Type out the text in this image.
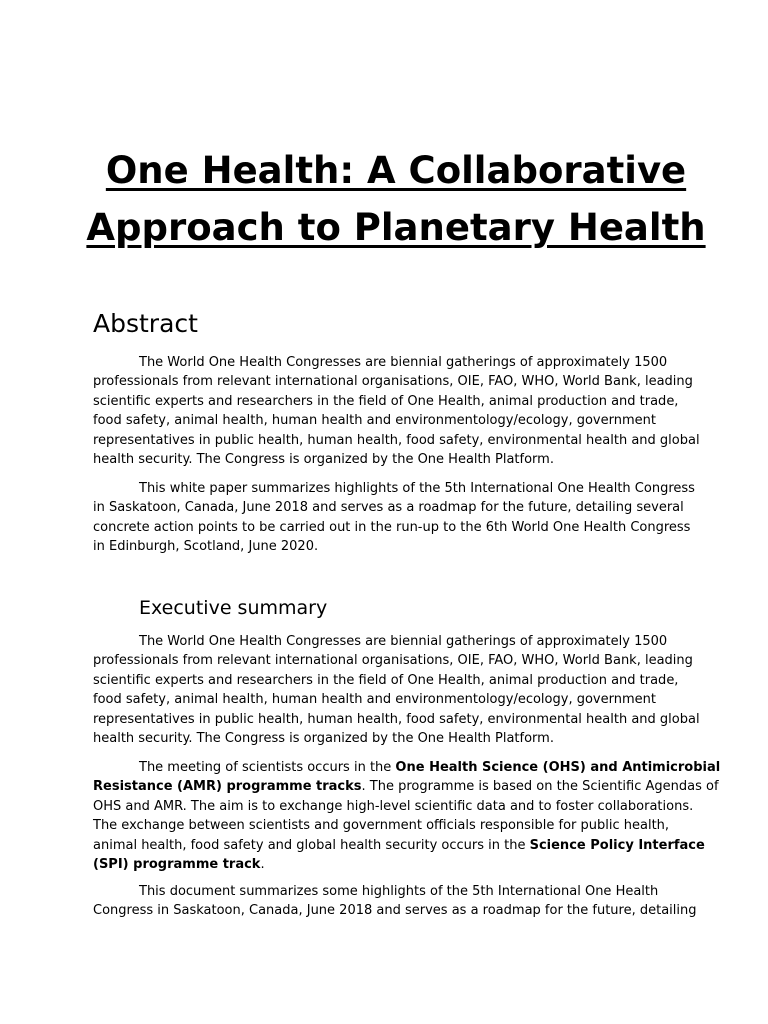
One Health: A Collaborative
Approach to Planetary Health
Abstract

The World One Health Congresses are biennial gatherings of approximately 1500
professionals from relevant international organisations, OIE, FAO, WHO, World Bank, leading
scientific experts and researchers in the field of One Health, animal production and trade,
food safety, animal health, human health and environmentology/ecology, government
representatives in public health, human health, food safety, environmental health and global
health security. The Congress is organized by the One Health Platform.

This white paper summarizes highlights of the 5th International One Health Congress
in Saskatoon, Canada, June 2018 and serves as a roadmap for the future, detailing several
concrete action points to be carried out in the run-up to the 6th World One Health Congress
in Edinburgh, Scotland, June 2020.

Executive summary

The World One Health Congresses are biennial gatherings of approximately 1500
professionals from relevant international organisations, OIE, FAO, WHO, World Bank, leading
scientific experts and researchers in the field of One Health, animal production and trade,
food safety, animal health, human health and environmentology/ecology, government
representatives in public health, human health, food safety, environmental health and global
health security. The Congress is organized by the One Health Platform.

The meeting of scientists occurs in the One Health Science (OHS) and Antimicrobial
Resistance (AMR) programme tracks. The programme is based on the Scientific Agendas of
OHS and AMR. The aim is to exchange high-level scientific data and to foster collaborations.
The exchange between scientists and government officials responsible for public health,
animal health, food safety and global health security occurs in the Science Policy Interface
(SPI) programme track.

This document summarizes some highlights of the 5th International One Health
Congress in Saskatoon, Canada, June 2018 and serves as a roadmap for the future, detailing
